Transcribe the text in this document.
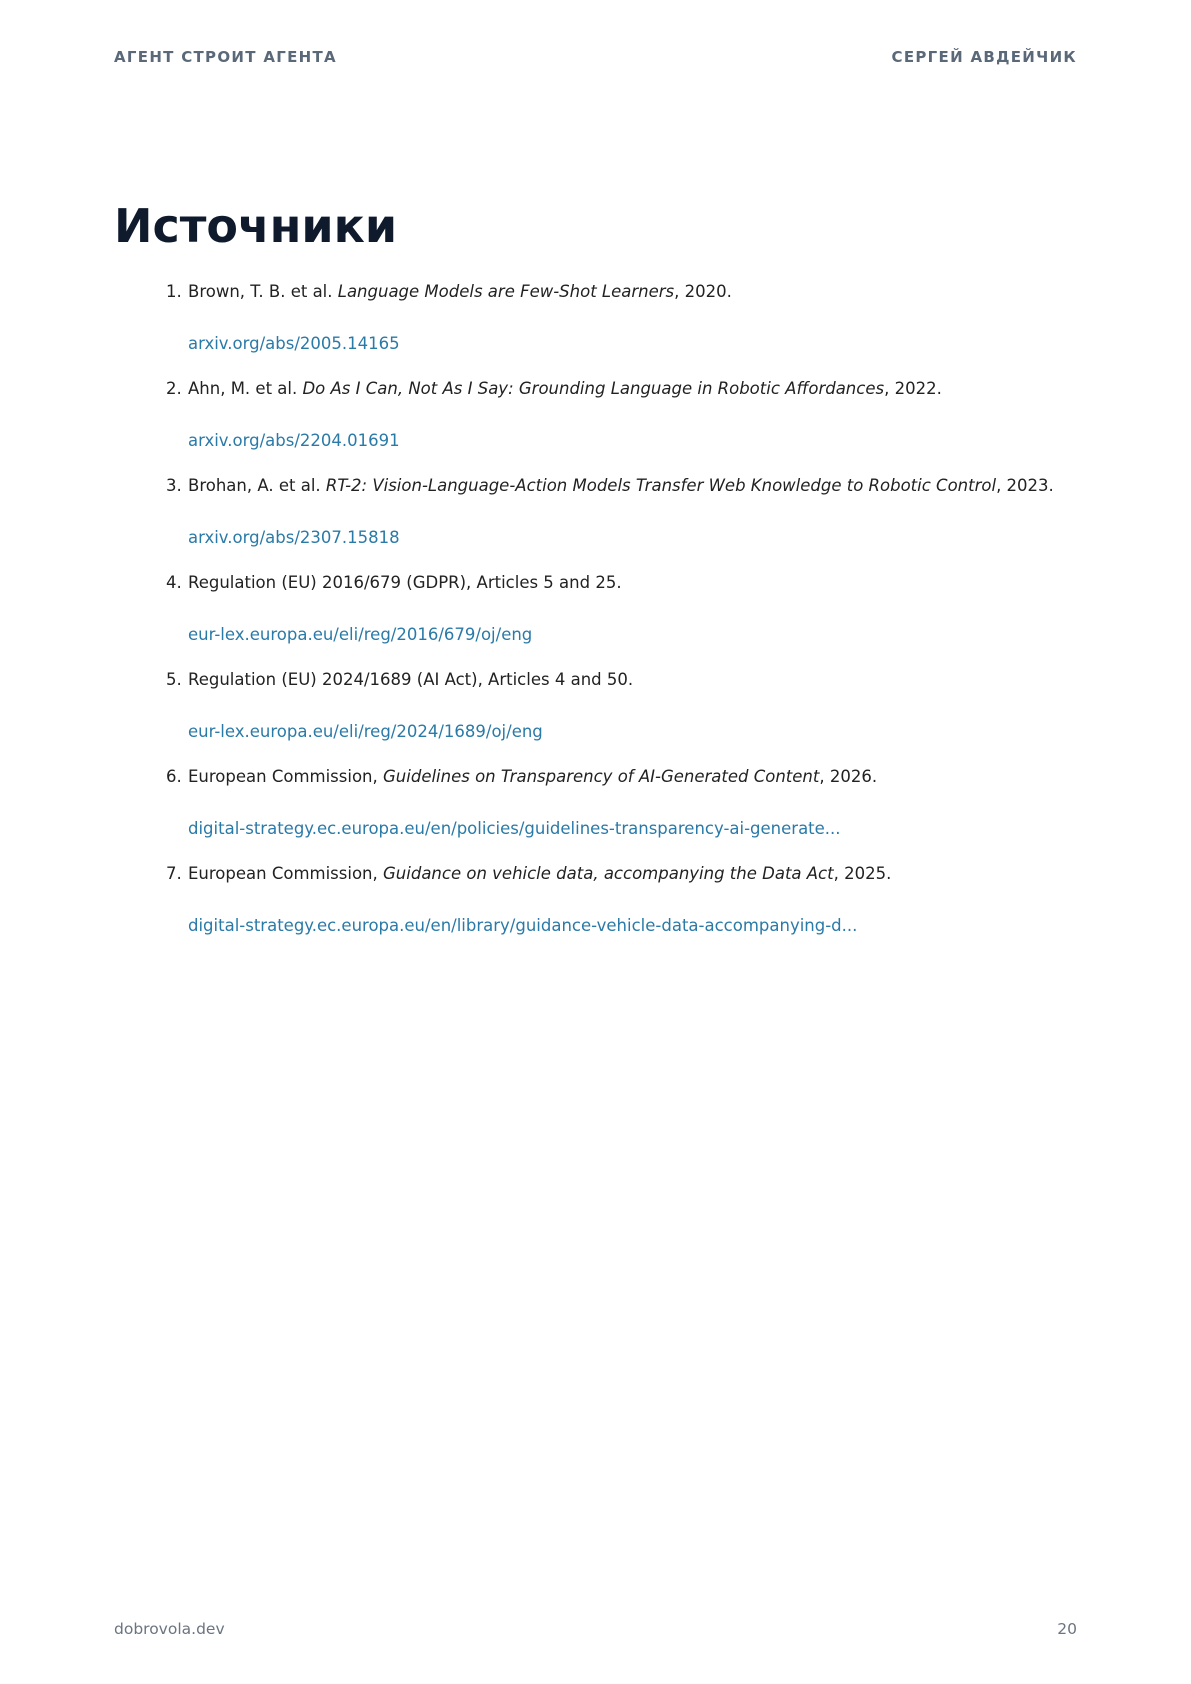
АГЕНТ СТРОИТ АГЕНТА	СЕРГЕЙ АВДЕЙЧИК
Источники
1. Brown, T. B. et al. Language Models are Few-Shot Learners, 2020.
arxiv.org/abs/2005.14165
2. Ahn, M. et al. Do As I Can, Not As I Say: Grounding Language in Robotic Affordances, 2022.
arxiv.org/abs/2204.01691
3. Brohan, A. et al. RT-2: Vision-Language-Action Models Transfer Web Knowledge to Robotic Control, 2023.
arxiv.org/abs/2307.15818
4. Regulation (EU) 2016/679 (GDPR), Articles 5 and 25.
eur-lex.europa.eu/eli/reg/2016/679/oj/eng
5. Regulation (EU) 2024/1689 (AI Act), Articles 4 and 50.
eur-lex.europa.eu/eli/reg/2024/1689/oj/eng
6. European Commission, Guidelines on Transparency of AI-Generated Content, 2026.
digital-strategy.ec.europa.eu/en/policies/guidelines-transparency-ai-generate...
7. European Commission, Guidance on vehicle data, accompanying the Data Act, 2025.
digital-strategy.ec.europa.eu/en/library/guidance-vehicle-data-accompanying-d...
dobrovola.dev	20
